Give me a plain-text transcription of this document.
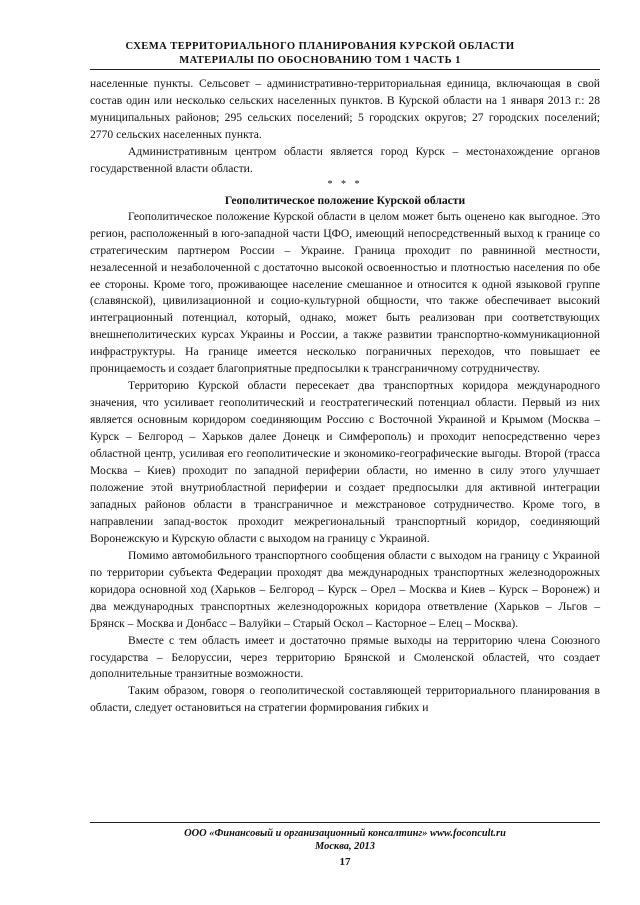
СХЕМА ТЕРРИТОРИАЛЬНОГО ПЛАНИРОВАНИЯ КУРСКОЙ ОБЛАСТИ
МАТЕРИАЛЫ ПО ОБОСНОВАНИЮ ТОМ 1 ЧАСТЬ 1

населенные пункты. Сельсовет – административно-территориальная единица, включающая в свой состав один или несколько сельских населенных пунктов. В Курской области на 1 января 2013 г.: 28 муниципальных районов; 295 сельских поселений; 5 городских округов; 27 городских поселений; 2770 сельских населенных пункта.

Административным центром области является город Курск – местонахождение органов государственной власти области.

* * *
Геополитическое положение Курской области

Геополитическое положение Курской области в целом может быть оценено как выгодное. Это регион, расположенный в юго-западной части ЦФО, имеющий непосредственный выход к границе со стратегическим партнером России – Украине. Граница проходит по равнинной местности, незалесенной и незаболоченной с достаточно высокой освоенностью и плотностью населения по обе ее стороны. Кроме того, проживающее население смешанное и относится к одной языковой группе (славянской), цивилизационной и социо-культурной общности, что также обеспечивает высокий интеграционный потенциал, который, однако, может быть реализован при соответствующих внешнеполитических курсах Украины и России, а также развитии транспортно-коммуникационной инфраструктуры. На границе имеется несколько пограничных переходов, что повышает ее проницаемость и создает благоприятные предпосылки к трансграничному сотрудничеству.

Территорию Курской области пересекает два транспортных коридора международного значения, что усиливает геополитический и геостратегический потенциал области. Первый из них является основным коридором соединяющим Россию с Восточной Украиной и Крымом (Москва – Курск – Белгород – Харьков далее Донецк и Симферополь) и проходит непосредственно через областной центр, усиливая его геополитические и экономико-географические выгоды. Второй (трасса Москва – Киев) проходит по западной периферии области, но именно в силу этого улучшает положение этой внутриобластной периферии и создает предпосылки для активной интеграции западных районов области в трансграничное и межстрановое сотрудничество. Кроме того, в направлении запад-восток проходит межрегиональный транспортный коридор, соединяющий Воронежскую и Курскую области с выходом на границу с Украиной.

Помимо автомобильного транспортного сообщения области с выходом на границу с Украиной по территории субъекта Федерации проходят два международных транспортных железнодорожных коридора основной ход (Харьков – Белгород – Курск – Орел – Москва и Киев – Курск – Воронеж) и два международных транспортных железнодорожных коридора ответвление (Харьков – Льгов – Брянск – Москва и Донбасс – Валуйки – Старый Оскол – Касторное – Елец – Москва).

Вместе с тем область имеет и достаточно прямые выходы на территорию члена Союзного государства – Белоруссии, через территорию Брянской и Смоленской областей, что создает дополнительные транзитные возможности.

Таким образом, говоря о геополитической составляющей территориального планирования в области, следует остановиться на стратегии формирования гибких и

ООО «Финансовый и организационный консалтинг» www.foconcult.ru
Москва, 2013
17
